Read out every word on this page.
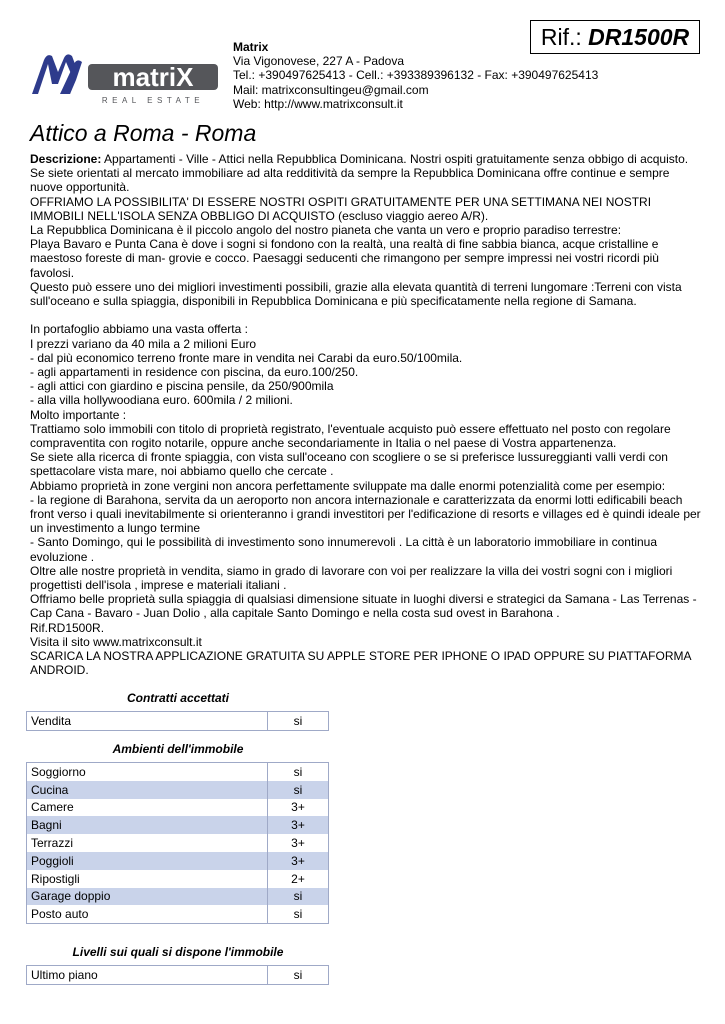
Rif.: DR1500R
matriX
REAL ESTATE
Matrix
Via Vigonovese, 227 A - Padova
Tel.: +390497625413 - Cell.: +393389396132 - Fax: +390497625413
Mail: matrixconsultingeu@gmail.com
Web: http://www.matrixconsult.it
Attico a Roma - Roma

Descrizione: Appartamenti - Ville - Attici nella Repubblica Dominicana. Nostri ospiti gratuitamente senza obbigo di acquisto. Se siete orientati al mercato immobiliare ad alta redditività da sempre la Repubblica Dominicana offre continue e sempre nuove opportunità.

OFFRIAMO LA POSSIBILITA' DI ESSERE NOSTRI OSPITI GRATUITAMENTE PER UNA SETTIMANA NEI NOSTRI IMMOBILI NELL'ISOLA SENZA OBBLIGO DI ACQUISTO (escluso viaggio aereo A/R).

La Repubblica Dominicana è il piccolo angolo del nostro pianeta che vanta un vero e proprio paradiso terrestre:

Playa Bavaro e Punta Cana è dove i sogni si fondono con la realtà, una realtà di fine sabbia bianca, acque cristalline e maestoso foreste di man- grovie e cocco. Paesaggi seducenti che rimangono per sempre impressi nei vostri ricordi più favolosi.

Questo può essere uno dei migliori investimenti possibili, grazie alla elevata quantità di terreni lungomare :Terreni con vista sull'oceano e sulla spiaggia, disponibili in Repubblica Dominicana e più specificatamente nella regione di Samana.

In portafoglio abbiamo una vasta offerta :

I prezzi variano da 40 mila a 2 milioni Euro

- dal più economico terreno fronte mare in vendita nei Carabi da euro.50/100mila.

- agli appartamenti in residence con piscina, da euro.100/250.

- agli attici con giardino e piscina pensile, da 250/900mila

- alla villa hollywoodiana euro. 600mila / 2 milioni.

Molto importante :

Trattiamo solo immobili con titolo di proprietà registrato, l'eventuale acquisto può essere effettuato nel posto con regolare compraventita con rogito notarile, oppure anche secondariamente in Italia o nel paese di Vostra appartenenza.

Se siete alla ricerca di fronte spiaggia, con vista sull'oceano con scogliere o se si preferisce lussureggianti valli verdi con spettacolare vista mare, noi abbiamo quello che cercate .

Abbiamo proprietà in zone vergini non ancora perfettamente sviluppate ma dalle enormi potenzialità come per esempio:

- la regione di Barahona, servita da un aeroporto non ancora internazionale e caratterizzata da enormi lotti edificabili beach front verso i quali inevitabilmente si orienteranno i grandi investitori per l'edificazione di resorts e villages ed è quindi ideale per un investimento a lungo termine

- Santo Domingo, qui le possibilità di investimento sono innumerevoli . La città è un laboratorio immobiliare in continua evoluzione .

Oltre alle nostre proprietà in vendita, siamo in grado di lavorare con voi per realizzare la villa dei vostri sogni con i migliori progettisti dell'isola , imprese e materiali italiani .

Offriamo belle proprietà sulla spiaggia di qualsiasi dimensione situate in luoghi diversi e strategici da Samana - Las Terrenas - Cap Cana - Bavaro - Juan Dolio , alla capitale Santo Domingo e nella costa sud ovest in Barahona .

Rif.RD1500R.

Visita il sito www.matrixconsult.it

SCARICA LA NOSTRA APPLICAZIONE GRATUITA SU APPLE STORE PER IPHONE O IPAD OPPURE SU PIATTAFORMA ANDROID.

Contratti accettati
Vendita	si
Ambienti dell'immobile
Soggiorno	si
Cucina	si
Camere	3+
Bagni	3+
Terrazzi	3+
Poggioli	3+
Ripostigli	2+
Garage doppio	si
Posto auto	si
Livelli sui quali si dispone l'immobile
Ultimo piano	si
